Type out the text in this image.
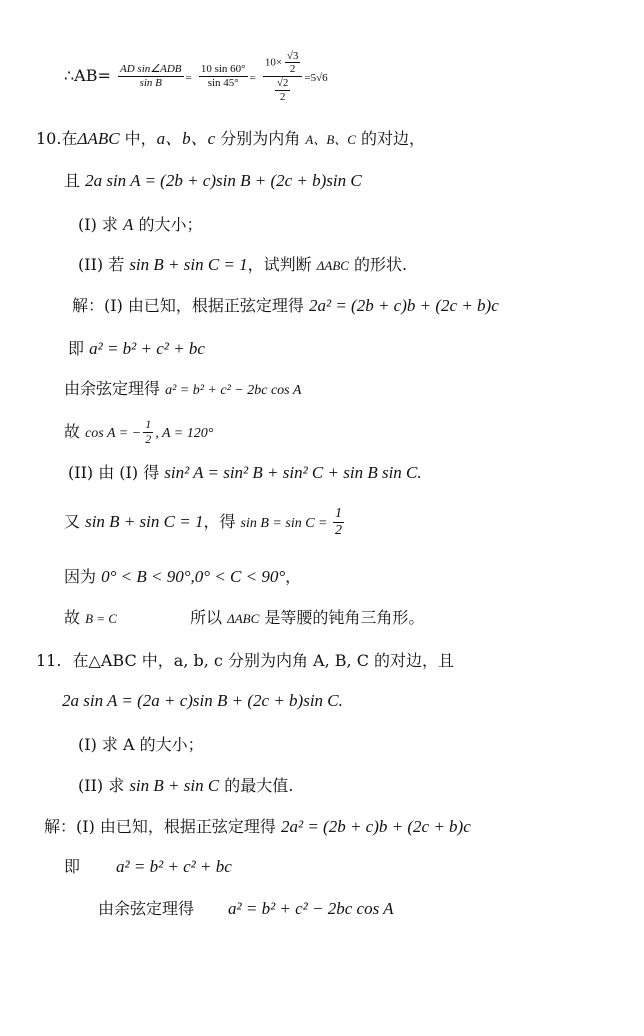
∴AB= $\frac{\text{AD sin∠ADB}}{\text{sin B}} = \frac{10 \sin 60^\circ}{\sin 45^\circ} = \frac{10\times \frac{√3}{2}}{\frac{√2}{2}} =5√6$
10.在ΔABC 中，a、b、c 分别为内角 A、B、C 的对边，
且 2a sin A = (2b + c)sin B + (2c + b)sin C
(I) 求 A 的大小；
(II) 若 sin B + sin C = 1，试判断 ΔABC 的形状.
解：(I) 由已知，根据正弦定理得 2a² = (2b + c)b + (2c + b)c
即 a² = b² + c² + bc
由余弦定理得 a² = b² + c² − 2bc cos A
故 cos A = − $\frac{1}{2}$ , A = 120°
(II) 由 (I) 得 sin² A = sin² B + sin² C + sin B sin C.
又 sin B + sin C = 1，得 $\sin B = \sin C = \frac{1}{2}$
因为 0° < B < 90°,0° < C < 90°，
故 B = C	所以 ΔABC 是等腰的钝角三角形。
11. 在△ABC 中，a, b, c 分别为内角 A, B, C 的对边，且
2a sin A = (2a + c)sin B + (2c + b)sin C.
(I) 求 A 的大小；
(II) 求 sin B + sin C 的最大值.
解：(I) 由已知，根据正弦定理得 2a² = (2b + c)b + (2c + b)c
即 a² = b² + c² + bc
由余弦定理得 a² = b² + c² − 2bc cos A
